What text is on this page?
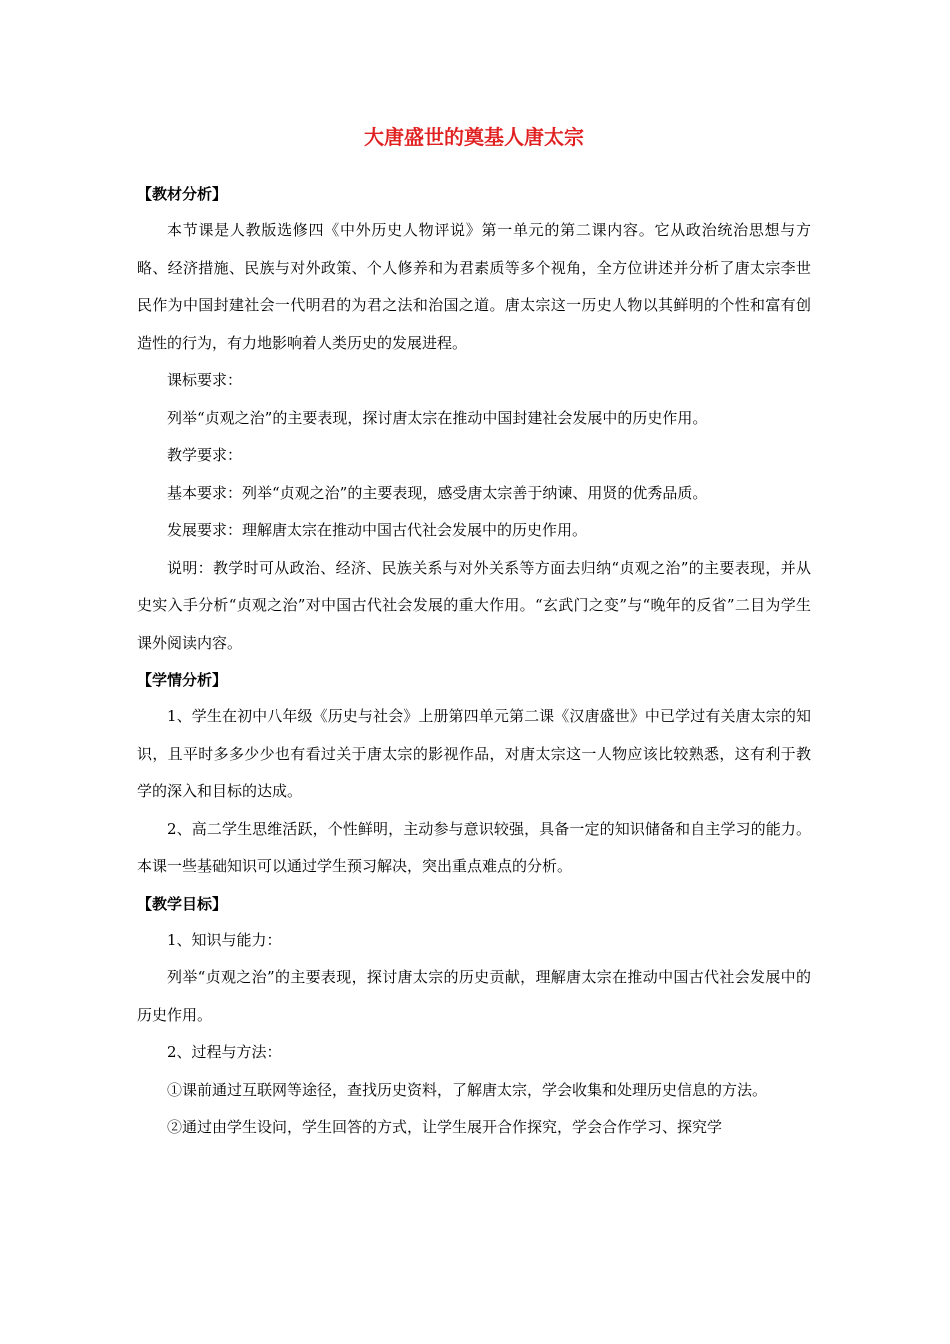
大唐盛世的奠基人唐太宗
【教材分析】

本节课是人教版选修四《中外历史人物评说》第一单元的第二课内容。它从政治统治思想与方略、经济措施、民族与对外政策、个人修养和为君素质等多个视角，全方位讲述并分析了唐太宗李世民作为中国封建社会一代明君的为君之法和治国之道。唐太宗这一历史人物以其鲜明的个性和富有创造性的行为，有力地影响着人类历史的发展进程。

课标要求：

列举“贞观之治”的主要表现，探讨唐太宗在推动中国封建社会发展中的历史作用。

教学要求：

基本要求：列举“贞观之治”的主要表现，感受唐太宗善于纳谏、用贤的优秀品质。

发展要求：理解唐太宗在推动中国古代社会发展中的历史作用。

说明：教学时可从政治、经济、民族关系与对外关系等方面去归纳“贞观之治”的主要表现，并从史实入手分析“贞观之治”对中国古代社会发展的重大作用。“玄武门之变”与“晚年的反省”二目为学生课外阅读内容。

【学情分析】

1、学生在初中八年级《历史与社会》上册第四单元第二课《汉唐盛世》中已学过有关唐太宗的知识，且平时多多少少也有看过关于唐太宗的影视作品，对唐太宗这一人物应该比较熟悉，这有利于教学的深入和目标的达成。

2、高二学生思维活跃，个性鲜明，主动参与意识较强，具备一定的知识储备和自主学习的能力。本课一些基础知识可以通过学生预习解决，突出重点难点的分析。

【教学目标】

1、知识与能力：

列举“贞观之治”的主要表现，探讨唐太宗的历史贡献，理解唐太宗在推动中国古代社会发展中的历史作用。

2、过程与方法：

①课前通过互联网等途径，查找历史资料，了解唐太宗，学会收集和处理历史信息的方法。

②通过由学生设问，学生回答的方式，让学生展开合作探究，学会合作学习、探究学
